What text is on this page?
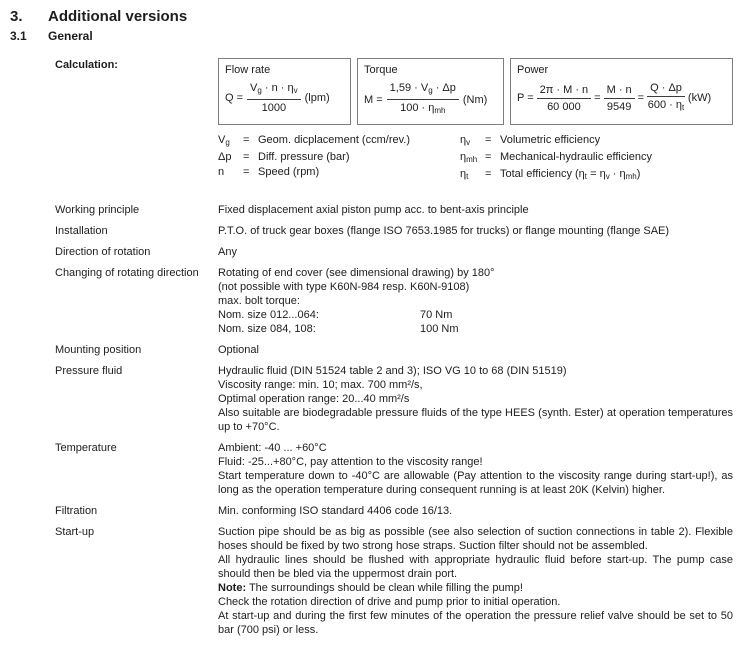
3.	Additional versions
3.1	General
Calculation:	Flow rate
$Q = \frac{V_g \cdot n \cdot \eta_v}{1000} (lpm)$
Torque
$M = \frac{1,59 \cdot V_g \cdot \Delta p}{100 \cdot \eta_{mh}} (Nm)$
Power
$P = \frac{2\pi \cdot M \cdot n}{60 000} = \frac{M \cdot n}{9549} = \frac{Q \cdot \Delta p}{600 \cdot \eta_t} (kW)$
$V_g$	= Geom. dicplacement (ccm/rev.)
Δp	= Diff. pressure (bar)
n	= Speed (rpm)
$\eta_v$	= Volumetric efficiency
$\eta_{mh}$ = Mechanical-hydraulic efficiency
$\eta_t$	= Total efficiency $(\eta_t = \eta_v \cdot \eta_{mh})$
Working principle	Fixed displacement axial piston pump acc. to bent-axis principle
Installation	P.T.O. of truck gear boxes (flange ISO 7653.1985 for trucks) or flange mounting (flange SAE)
Direction of rotation	Any
Changing of rotating direction	Rotating of end cover (see dimensional drawing) by 180°
(not possible with type K60N-984 resp. K60N-9108)
max. bolt torque:
Nom. size 012...064:	70 Nm
Nom. size 084, 108:	100 Nm
Mounting position	Optional
Pressure fluid	Hydraulic fluid (DIN 51524 table 2 and 3); ISO VG 10 to 68 (DIN 51519)
Viscosity range: min. 10; max. 700 mm²/s,
Optimal operation range: 20...40 mm²/s
Also suitable are biodegradable pressure fluids of the type HEES (synth. Ester) at operation temperatures up to +70°C.
Temperature	Ambient: -40 ... +60°C
Fluid: -25...+80°C, pay attention to the viscosity range!
Start temperature down to -40°C are allowable (Pay attention to the viscosity range during start-up!), as long as the operation temperature during consequent running is at least 20K (Kelvin) higher.
Filtration	Min. conforming ISO standard 4406 code 16/13.
Start-up	Suction pipe should be as big as possible (see also selection of suction connections in table 2). Flexible hoses should be fixed by two strong hose straps. Suction filter should not be assembled.
All hydraulic lines should be flushed with appropriate hydraulic fluid before start-up. The pump case should then be bled via the uppermost drain port.
Note: The surroundings should be clean while filling the pump!
Check the rotation direction of drive and pump prior to initial operation.
At start-up and during the first few minutes of the operation the pressure relief valve should be set to 50 bar (700 psi) or less.
